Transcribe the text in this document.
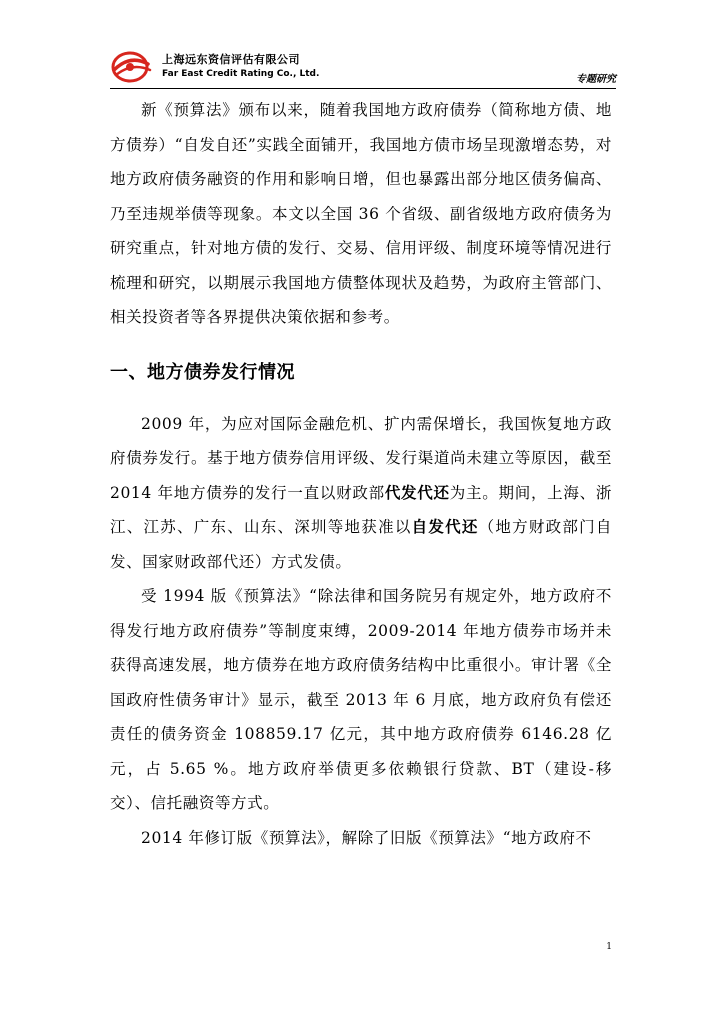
上海远东资信评估有限公司
Far East Credit Rating Co., Ltd.	专题研究

新《预算法》颁布以来，随着我国地方政府债券（简称地方债、地方债券）“自发自还”实践全面铺开，我国地方债市场呈现激增态势，对地方政府债务融资的作用和影响日增，但也暴露出部分地区债务偏高、乃至违规举债等现象。本文以全国 36 个省级、副省级地方政府债务为研究重点，针对地方债的发行、交易、信用评级、制度环境等情况进行梳理和研究，以期展示我国地方债整体现状及趋势，为政府主管部门、相关投资者等各界提供决策依据和参考。

一、地方债券发行情况

2009 年，为应对国际金融危机、扩内需保增长，我国恢复地方政府债券发行。基于地方债券信用评级、发行渠道尚未建立等原因，截至 2014 年地方债券的发行一直以财政部代发代还为主。期间，上海、浙江、江苏、广东、山东、深圳等地获准以自发代还（地方财政部门自发、国家财政部代还）方式发债。

受 1994 版《预算法》“除法律和国务院另有规定外，地方政府不得发行地方政府债券”等制度束缚，2009-2014 年地方债券市场并未获得高速发展，地方债券在地方政府债务结构中比重很小。审计署《全国政府性债务审计》显示，截至 2013 年 6 月底，地方政府负有偿还责任的债务资金 108859.17 亿元，其中地方政府债券 6146.28 亿元，占 5.65 %。地方政府举债更多依赖银行贷款、BT（建设-移交）、信托融资等方式。

2014 年修订版《预算法》，解除了旧版《预算法》“地方政府不

1
